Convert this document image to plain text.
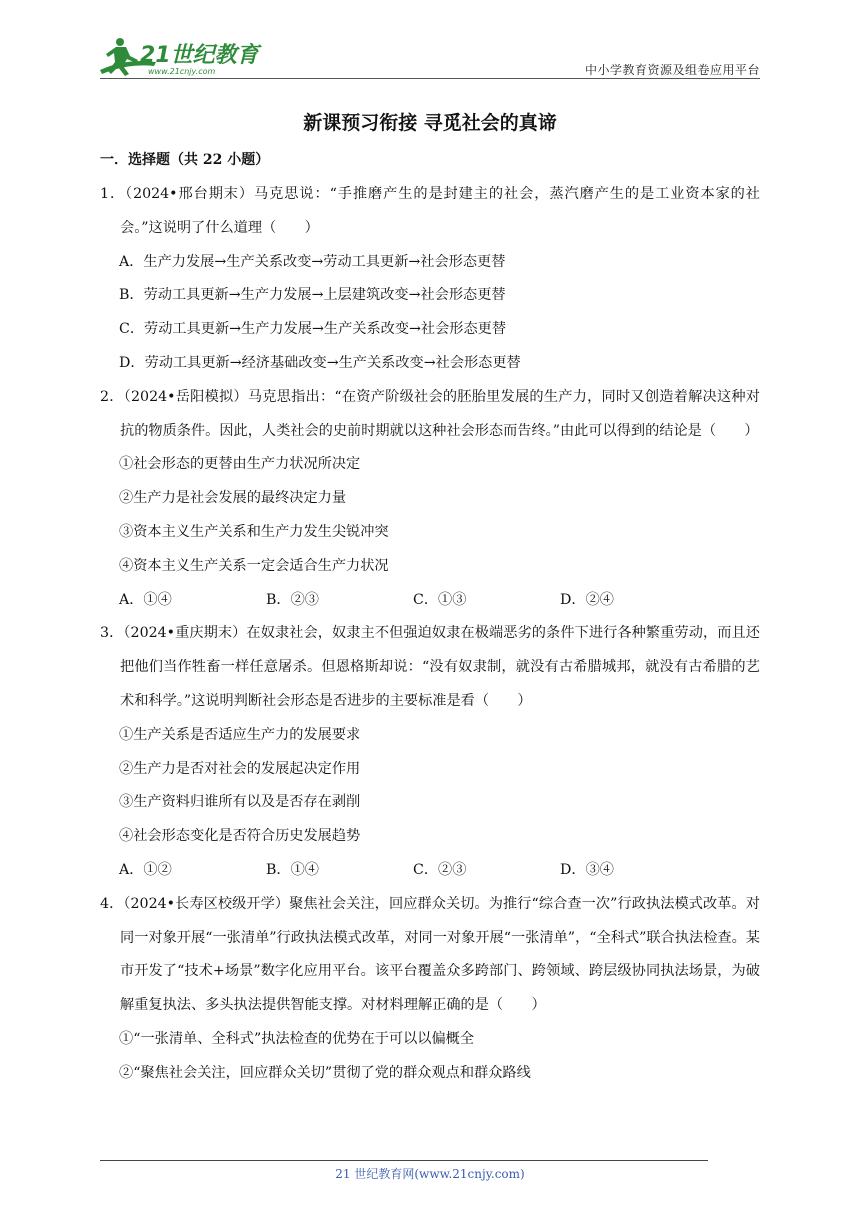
21世纪教育
www.21cnjy.com	中小学教育资源及组卷应用平台
新课预习衔接 寻觅社会的真谛
一．选择题（共 22 小题）

1．（2024•邢台期末）马克思说：“手推磨产生的是封建主的社会，蒸汽磨产生的是工业资本家的社会。”这说明了什么道理（　　）

A．生产力发展→生产关系改变→劳动工具更新→社会形态更替

B．劳动工具更新→生产力发展→上层建筑改变→社会形态更替

C．劳动工具更新→生产力发展→生产关系改变→社会形态更替

D．劳动工具更新→经济基础改变→生产关系改变→社会形态更替

2．（2024•岳阳模拟）马克思指出：“在资产阶级社会的胚胎里发展的生产力，同时又创造着解决这种对抗的物质条件。因此，人类社会的史前时期就以这种社会形态而告终。”由此可以得到的结论是（　　）

①社会形态的更替由生产力状况所决定

②生产力是社会发展的最终决定力量

③资本主义生产关系和生产力发生尖锐冲突

④资本主义生产关系一定会适合生产力状况

A．①④	B．②③	C．①③	D．②④

3．（2024•重庆期末）在奴隶社会，奴隶主不但强迫奴隶在极端恶劣的条件下进行各种繁重劳动，而且还把他们当作牲畜一样任意屠杀。但恩格斯却说：“没有奴隶制，就没有古希腊城邦，就没有古希腊的艺术和科学。”这说明判断社会形态是否进步的主要标准是看（　　）

①生产关系是否适应生产力的发展要求

②生产力是否对社会的发展起决定作用

③生产资料归谁所有以及是否存在剥削

④社会形态变化是否符合历史发展趋势

A．①②	B．①④	C．②③	D．③④

4．（2024•长寿区校级开学）聚焦社会关注，回应群众关切。为推行“综合查一次”行政执法模式改革。对同一对象开展“一张清单”行政执法模式改革，对同一对象开展“一张清单”，“全科式”联合执法检查。某市开发了“技术+场景”数字化应用平台。该平台覆盖众多跨部门、跨领域、跨层级协同执法场景，为破解重复执法、多头执法提供智能支撑。对材料理解正确的是（　　）

①“一张清单、全科式”执法检查的优势在于可以以偏概全

②“聚焦社会关注，回应群众关切”贯彻了党的群众观点和群众路线

21 世纪教育网(www.21cnjy.com)
